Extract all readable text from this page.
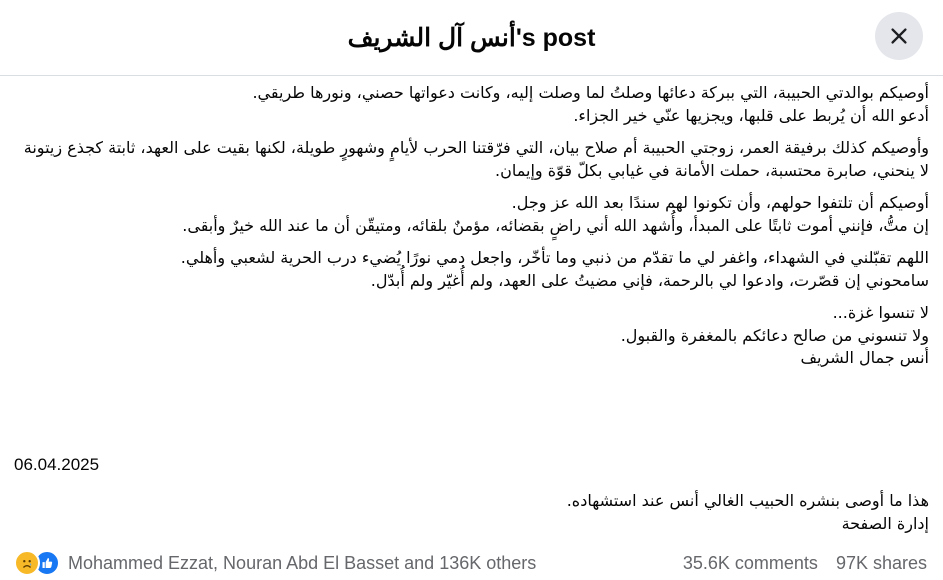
أنس آل الشريف's post
أوصيكم بوالدتي الحبيبة، التي ببركة دعائها وصلتُ لما وصلت إليه، وكانت دعواتها حصني، ونورها طريقي.
أدعو الله أن يُربط على قلبها، ويجزيها عنّي خير الجزاء.
وأوصيكم كذلك برفيقة العمر، زوجتي الحبيبة أم صلاح بيان، التي فرّقتنا الحرب لأيامٍ وشهورٍ طويلة، لكنها بقيت على العهد، ثابتة كجذع زيتونة لا ينحني، صابرة محتسبة، حملت الأمانة في غيابي بكلّ قوّة وإيمان.
أوصيكم أن تلتفوا حولهم، وأن تكونوا لهم سندًا بعد الله عز وجل.
إن متُّ، فإنني أموت ثابتًا على المبدأ، وأُشهد الله أني راضٍ بقضائه، مؤمنٌ بلقائه، ومتيقّن أن ما عند الله خيرٌ وأبقى.
اللهم تقبّلني في الشهداء، واغفر لي ما تقدّم من ذنبي وما تأخّر، واجعل دمي نورًا يُضيء درب الحرية لشعبي وأهلي.
سامحوني إن قصّرت، وادعوا لي بالرحمة، فإني مضيتُ على العهد، ولم أُغيّر ولم أُبدّل.
لا تنسوا غزة...
ولا تنسوني من صالح دعائكم بالمغفرة والقبول.
أنس جمال الشريف
06.04.2025
هذا ما أوصى بنشره الحبيب الغالي أنس عند استشهاده.
إدارة الصفحة
Mohammed Ezzat, Nouran Abd El Basset and 136K others	35.6K comments 97K shares
